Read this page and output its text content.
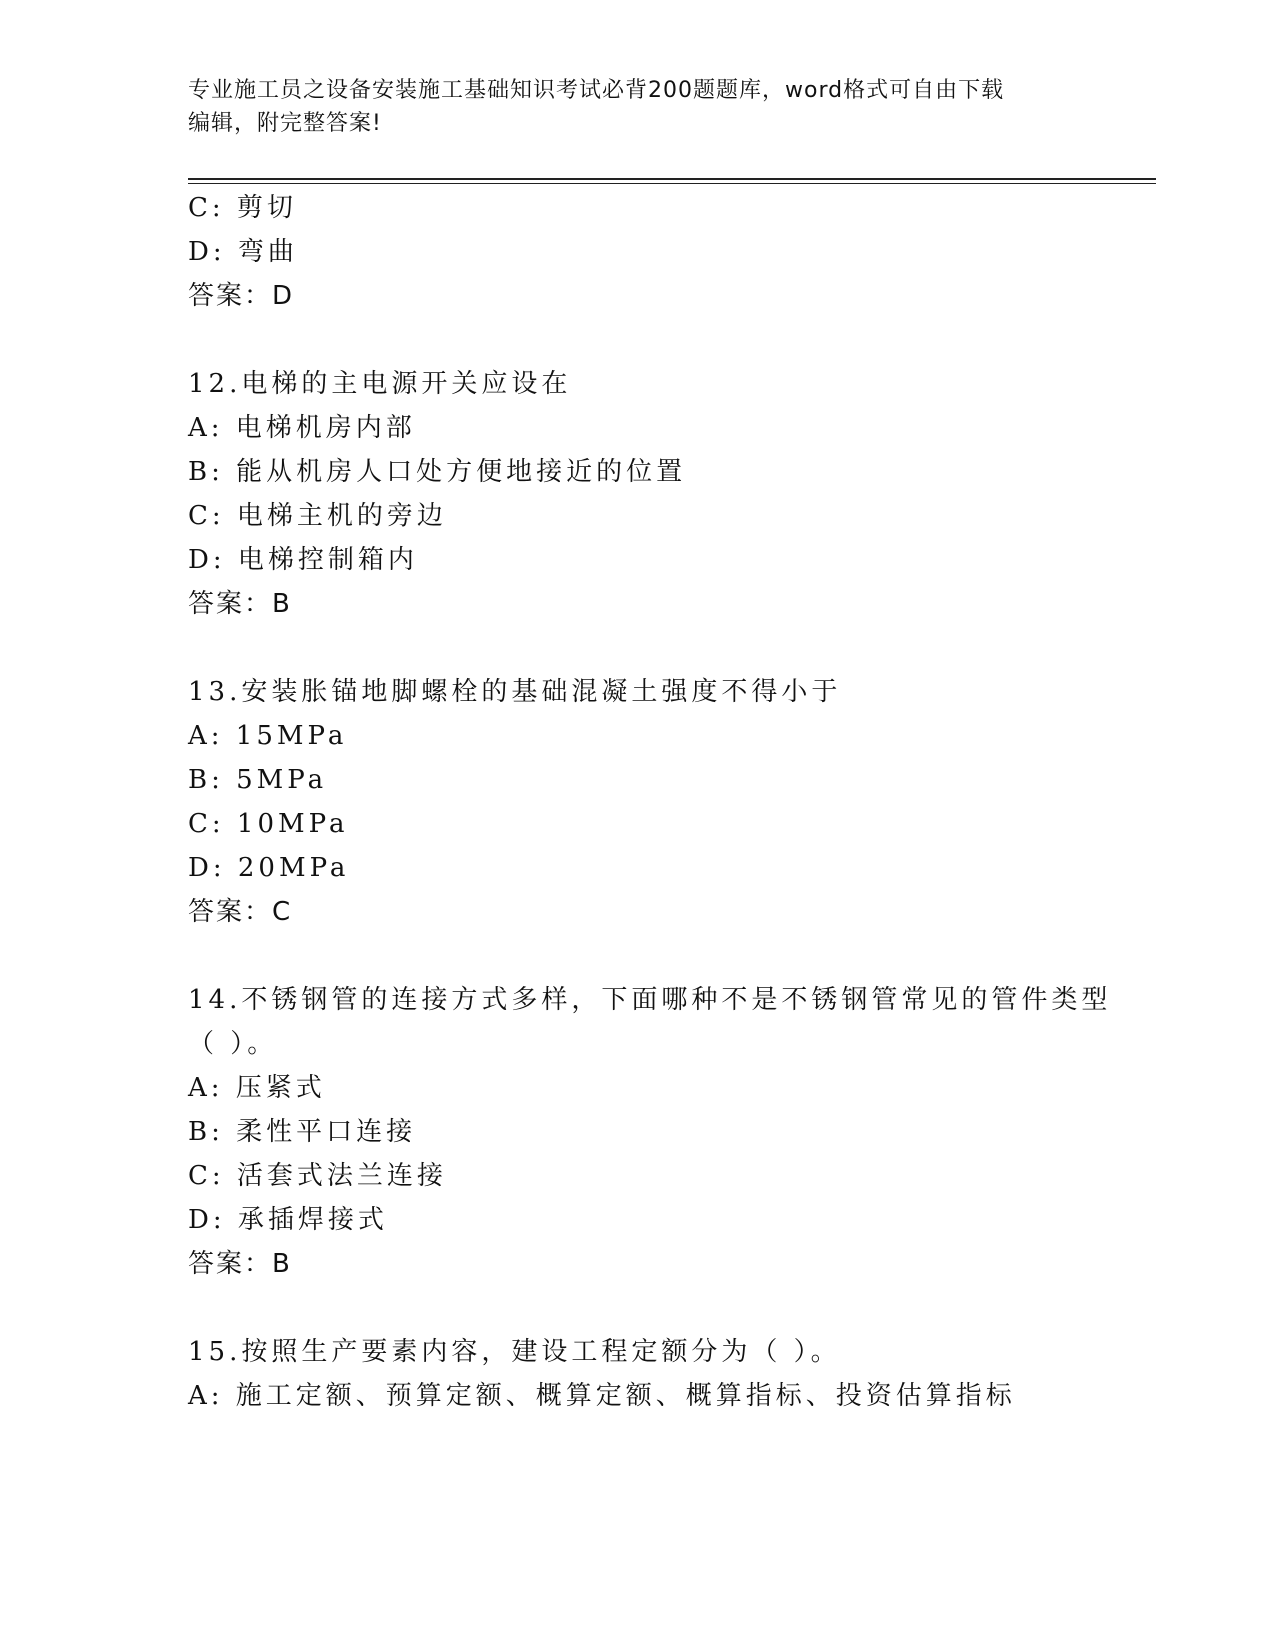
专业施工员之设备安装施工基础知识考试必背200题题库，word格式可自由下载
编辑，附完整答案!
C: 剪切
D: 弯曲
答案：D
12.电梯的主电源开关应设在
A: 电梯机房内部
B: 能从机房人口处方便地接近的位置
C: 电梯主机的旁边
D: 电梯控制箱内
答案：B
13.安装胀锚地脚螺栓的基础混凝土强度不得小于
A: 15MPa
B: 5MPa
C: 10MPa
D: 20MPa
答案：C
14.不锈钢管的连接方式多样，下面哪种不是不锈钢管常见的管件类型
（ ）。
A: 压紧式
B: 柔性平口连接
C: 活套式法兰连接
D: 承插焊接式
答案：B
15.按照生产要素内容，建设工程定额分为（ ）。
A: 施工定额、预算定额、概算定额、概算指标、投资估算指标
